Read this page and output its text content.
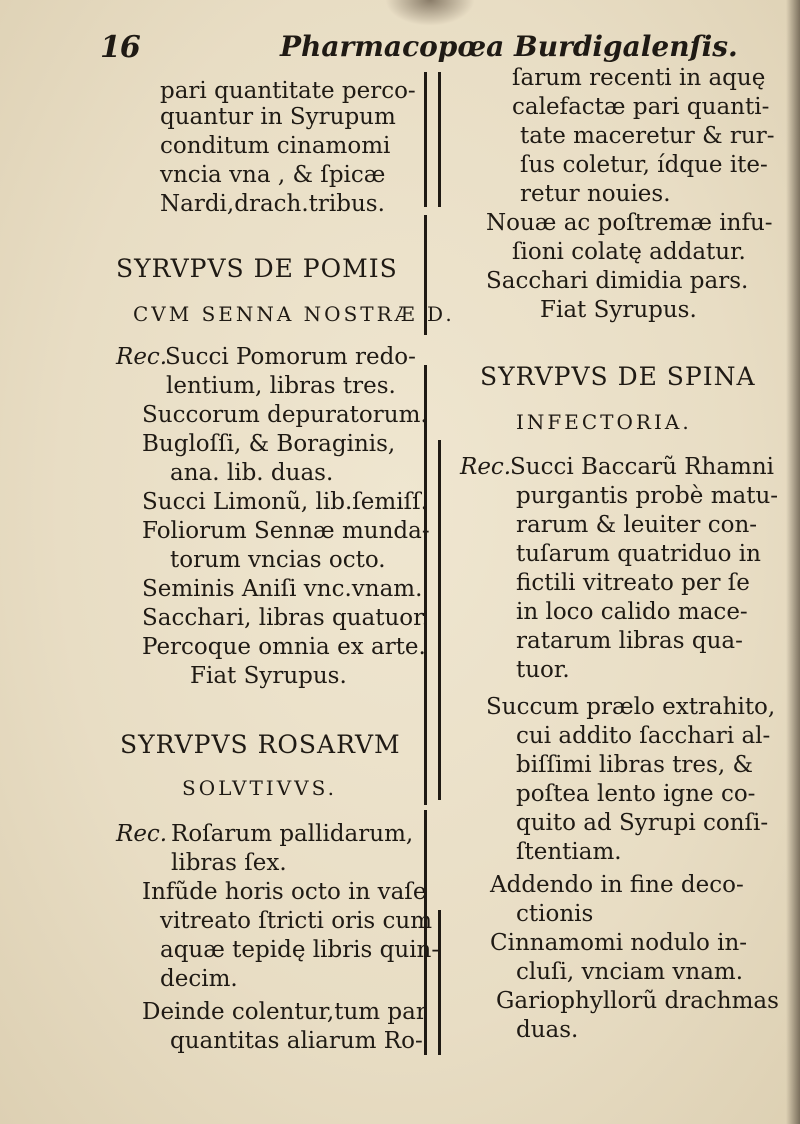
16	Pharmacopœa Burdigalenſis.
pari quantitate perco-
quantur in Syrupum
conditum cinamomi
vncia vna , & ſpicæ
Nardi,drach.tribus.
SYRVPVS DE POMIS
CVM SENNA NOSTRÆ D.
Rec.
Succi Pomorum redo-
lentium, libras tres.
Succorum depuratorum.
Bugloſſi, & Boraginis,
ana. lib. duas.
Succi Limonũ, lib.ſemiſſ.
Foliorum Sennæ munda-
torum vncias octo.
Seminis Aniſi vnc.vnam.
Sacchari, libras quatuor.
Percoque omnia ex arte.
Fiat Syrupus.
SYRVPVS ROSARVM
SOLVTIVVS.
Rec. Roſarum pallidarum,
libras ſex.
Infũde horis octo in vaſe
vitreato ſtricti oris cum
aquæ tepidę libris quin-
decim.
Deinde colentur,tum par
quantitas aliarum Ro-
ſarum recenti in aquę
calefactæ pari quanti-
tate maceretur & rur-
ſus coletur, ídque ite-
retur nouies.
Nouæ ac poſtremæ infu-
ſioni colatę addatur.
Sacchari dimidia pars.
Fiat Syrupus.
SYRVPVS DE SPINA
INFECTORIA.
Rec.
Succi Baccarũ Rhamni
purgantis probè matu-
rarum & leuiter con-
tuſarum quatriduo in
fictili vitreato per ſe
in loco calido mace-
ratarum libras qua-
tuor.
Succum prælo extrahito,
cui addito ſacchari al-
biſſimi libras tres, &
poſtea lento igne co-
quito ad Syrupi conſi-
ſtentiam.
Addendo in fine deco-
ctionis
Cinnamomi nodulo in-
cluſi, vnciam vnam.
Gariophyllorũ drachmas
duas.
